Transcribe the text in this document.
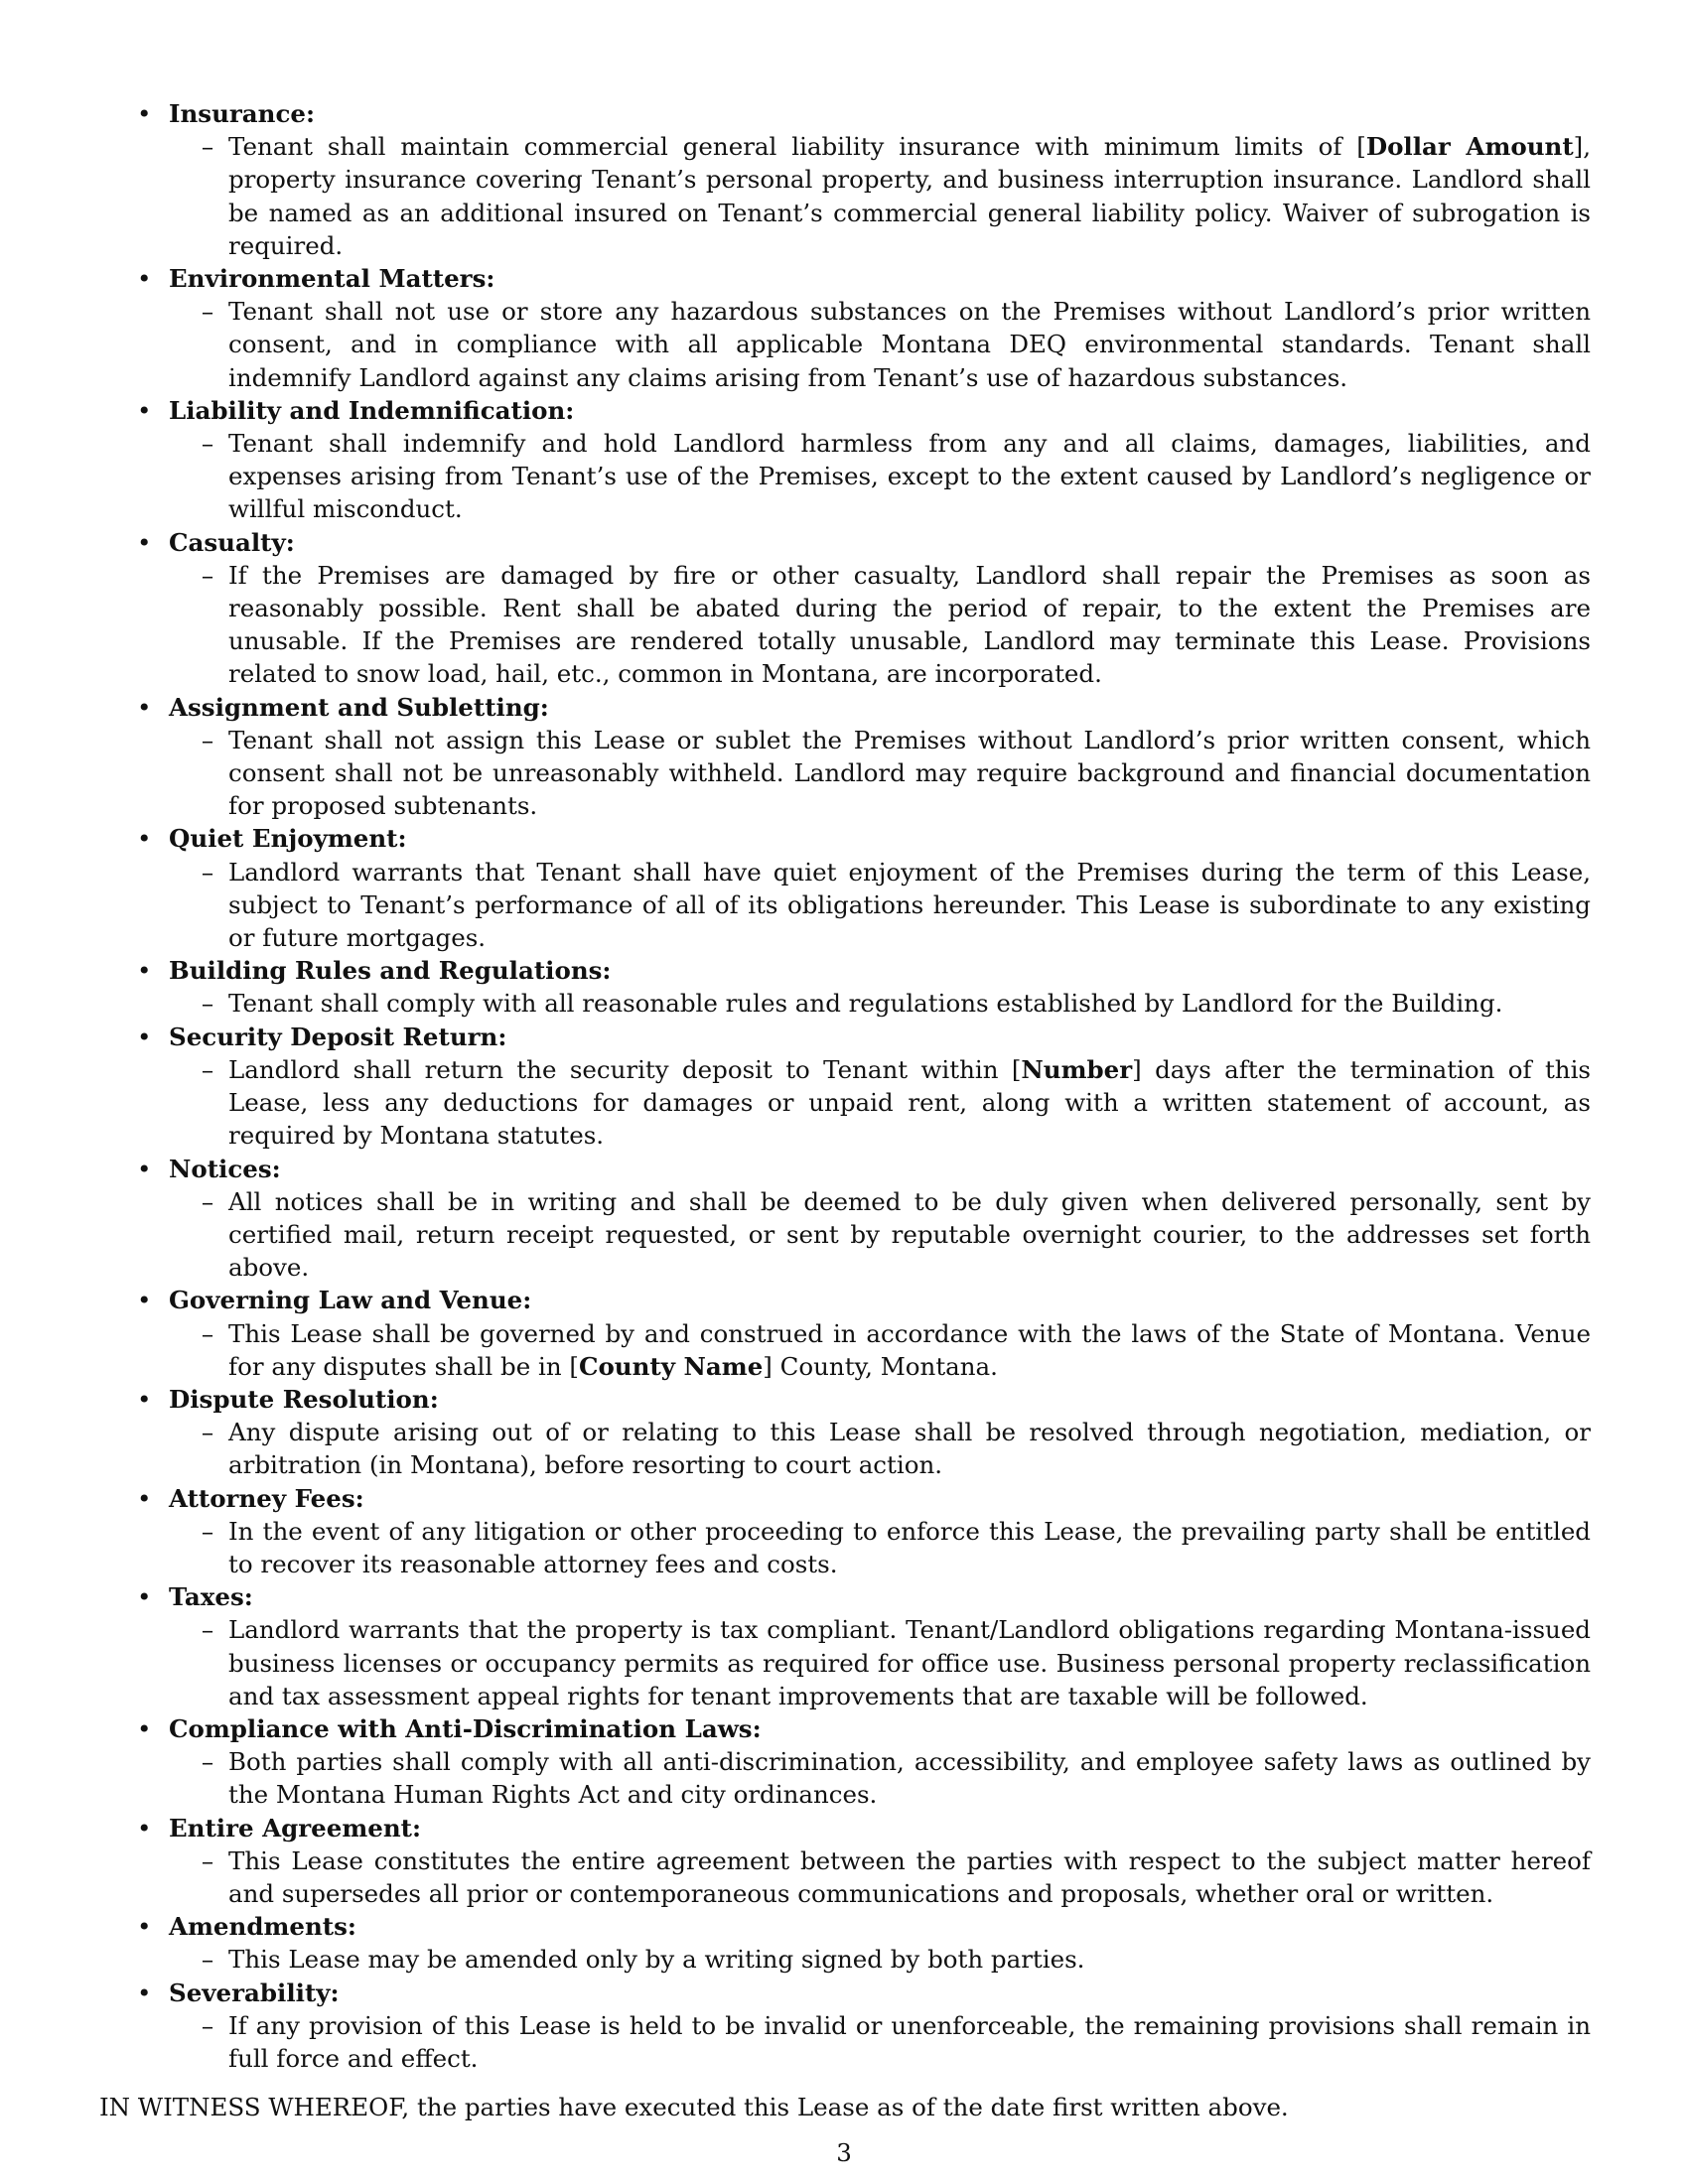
• Insurance:
– Tenant shall maintain commercial general liability insurance with minimum limits of [Dollar Amount], property insurance covering Tenant’s personal property, and business interruption insurance. Landlord shall be named as an additional insured on Tenant’s commercial general liability policy. Waiver of subrogation is required.
• Environmental Matters:
– Tenant shall not use or store any hazardous substances on the Premises without Landlord’s prior written consent, and in compliance with all applicable Montana DEQ environmental standards. Tenant shall indemnify Landlord against any claims arising from Tenant’s use of hazardous substances.
• Liability and Indemnification:
– Tenant shall indemnify and hold Landlord harmless from any and all claims, damages, liabilities, and expenses arising from Tenant’s use of the Premises, except to the extent caused by Landlord’s negligence or willful misconduct.
• Casualty:
– If the Premises are damaged by fire or other casualty, Landlord shall repair the Premises as soon as reasonably possible. Rent shall be abated during the period of repair, to the extent the Premises are unusable. If the Premises are rendered totally unusable, Landlord may terminate this Lease. Provisions related to snow load, hail, etc., common in Montana, are incorporated.
• Assignment and Subletting:
– Tenant shall not assign this Lease or sublet the Premises without Landlord’s prior written consent, which consent shall not be unreasonably withheld. Landlord may require background and financial documentation for proposed subtenants.
• Quiet Enjoyment:
– Landlord warrants that Tenant shall have quiet enjoyment of the Premises during the term of this Lease, subject to Tenant’s performance of all of its obligations hereunder. This Lease is subordinate to any existing or future mortgages.
• Building Rules and Regulations:
– Tenant shall comply with all reasonable rules and regulations established by Landlord for the Building.
• Security Deposit Return:
– Landlord shall return the security deposit to Tenant within [Number] days after the termination of this Lease, less any deductions for damages or unpaid rent, along with a written statement of account, as required by Montana statutes.
• Notices:
– All notices shall be in writing and shall be deemed to be duly given when delivered personally, sent by certified mail, return receipt requested, or sent by reputable overnight courier, to the addresses set forth above.
• Governing Law and Venue:
– This Lease shall be governed by and construed in accordance with the laws of the State of Montana. Venue for any disputes shall be in [County Name] County, Montana.
• Dispute Resolution:
– Any dispute arising out of or relating to this Lease shall be resolved through negotiation, mediation, or arbitration (in Montana), before resorting to court action.
• Attorney Fees:
– In the event of any litigation or other proceeding to enforce this Lease, the prevailing party shall be entitled to recover its reasonable attorney fees and costs.
• Taxes:
– Landlord warrants that the property is tax compliant. Tenant/Landlord obligations regarding Montana-issued business licenses or occupancy permits as required for office use. Business personal property reclassification and tax assessment appeal rights for tenant improvements that are taxable will be followed.
• Compliance with Anti-Discrimination Laws:
– Both parties shall comply with all anti-discrimination, accessibility, and employee safety laws as outlined by the Montana Human Rights Act and city ordinances.
• Entire Agreement:
– This Lease constitutes the entire agreement between the parties with respect to the subject matter hereof and supersedes all prior or contemporaneous communications and proposals, whether oral or written.
• Amendments:
– This Lease may be amended only by a writing signed by both parties.
• Severability:
– If any provision of this Lease is held to be invalid or unenforceable, the remaining provisions shall remain in full force and effect.

IN WITNESS WHEREOF, the parties have executed this Lease as of the date first written above.

3
